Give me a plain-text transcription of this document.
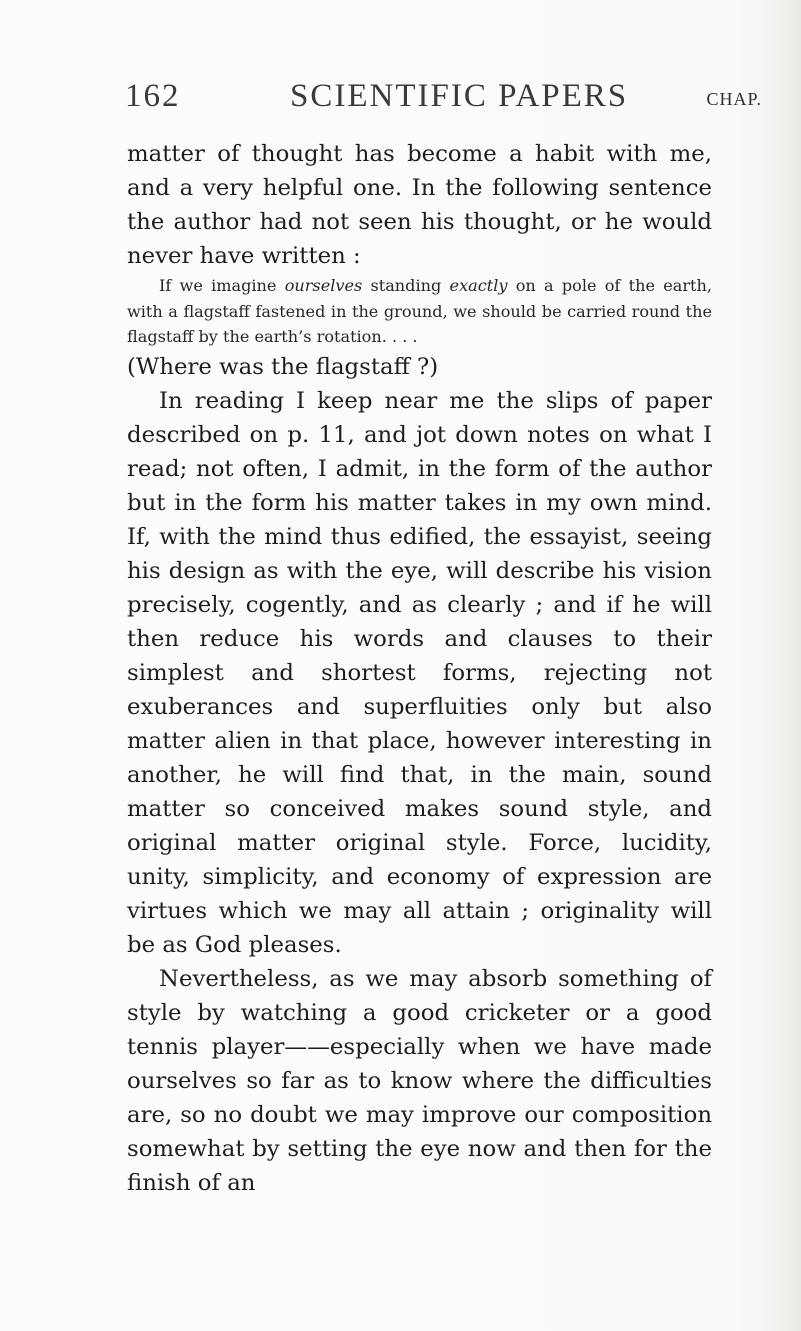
162	SCIENTIFIC PAPERS	CHAP.

matter of thought has become a habit with me, and a very helpful one. In the following sentence the author had not seen his thought, or he would never have written :

If we imagine ourselves standing exactly on a pole of the earth, with a flagstaff fastened in the ground, we should be carried round the flagstaff by the earth’s rotation. . . .

(Where was the flagstaff ?)

In reading I keep near me the slips of paper described on p. 11, and jot down notes on what I read; not often, I admit, in the form of the author but in the form his matter takes in my own mind. If, with the mind thus edified, the essayist, seeing his design as with the eye, will describe his vision precisely, cogently, and as clearly ; and if he will then reduce his words and clauses to their simplest and shortest forms, rejecting not exuberances and superfluities only but also matter alien in that place, however interesting in another, he will find that, in the main, sound matter so conceived makes sound style, and original matter original style. Force, lucidity, unity, simplicity, and economy of expression are virtues which we may all attain ; originality will be as God pleases.

Nevertheless, as we may absorb something of style by watching a good cricketer or a good tennis player——especially when we have made ourselves so far as to know where the difficulties are, so no doubt we may improve our composition somewhat by setting the eye now and then for the finish of an
